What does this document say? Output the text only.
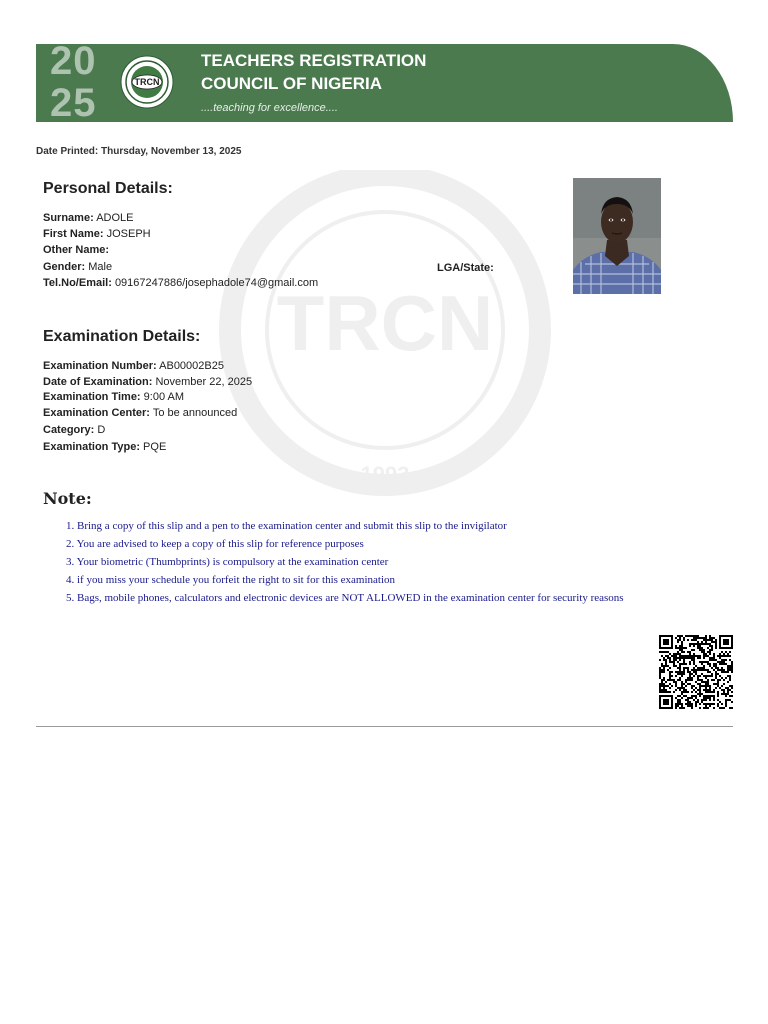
20
25	TRCN
TEACHERS REGISTRATION
COUNCIL OF NIGERIA
....teaching for excellence....
Date Printed: Thursday, November 13, 2025
TRCN
1993
Personal Details:
Surname: ADOLE
First Name: JOSEPH
Other Name:
Gender: Male
Tel.No/Email: 09167247886/josephadole74@gmail.com
LGA/State:
Examination Details:
Examination Number: AB00002B25
Date of Examination: November 22, 2025
Examination Time: 9:00 AM
Examination Center: To be announced
Category: D
Examination Type: PQE
Note:
1. Bring a copy of this slip and a pen to the examination center and submit this slip to the invigilator
2. You are advised to keep a copy of this slip for reference purposes
3. Your biometric (Thumbprints) is compulsory at the examination center
4. if you miss your schedule you forfeit the right to sit for this examination
5. Bags, mobile phones, calculators and electronic devices are NOT ALLOWED in the examination center for security reasons
